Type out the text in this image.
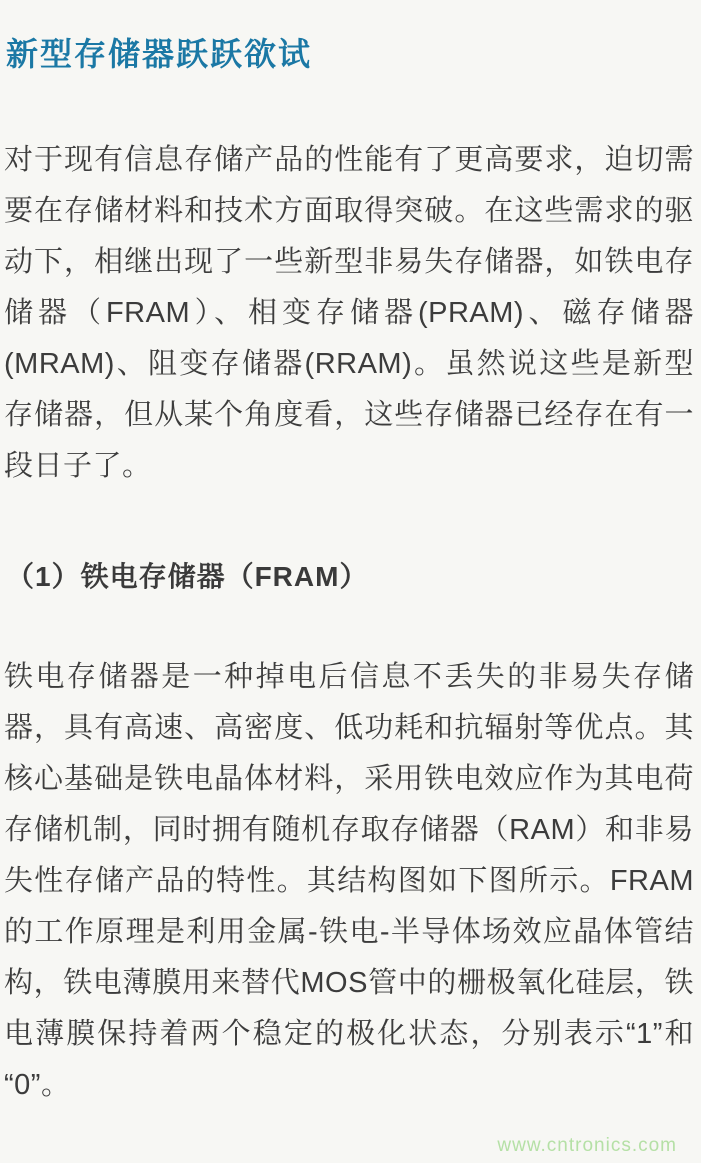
新型存储器跃跃欲试

对于现有信息存储产品的性能有了更高要求，迫切需要在存储材料和技术方面取得突破。在这些需求的驱动下，相继出现了一些新型非易失存储器，如铁电存储器（FRAM）、相变存储器(PRAM)、磁存储器(MRAM)、阻变存储器(RRAM)。虽然说这些是新型存储器，但从某个角度看，这些存储器已经存在有一段日子了。

（1）铁电存储器（FRAM）

铁电存储器是一种掉电后信息不丢失的非易失存储器，具有高速、高密度、低功耗和抗辐射等优点。其核心基础是铁电晶体材料，采用铁电效应作为其电荷存储机制，同时拥有随机存取存储器（RAM）和非易失性存储产品的特性。其结构图如下图所示。FRAM的工作原理是利用金属-铁电-半导体场效应晶体管结构，铁电薄膜用来替代MOS管中的栅极氧化硅层，铁电薄膜保持着两个稳定的极化状态，分别表示“1”和“0”。

www.cntronics.com
